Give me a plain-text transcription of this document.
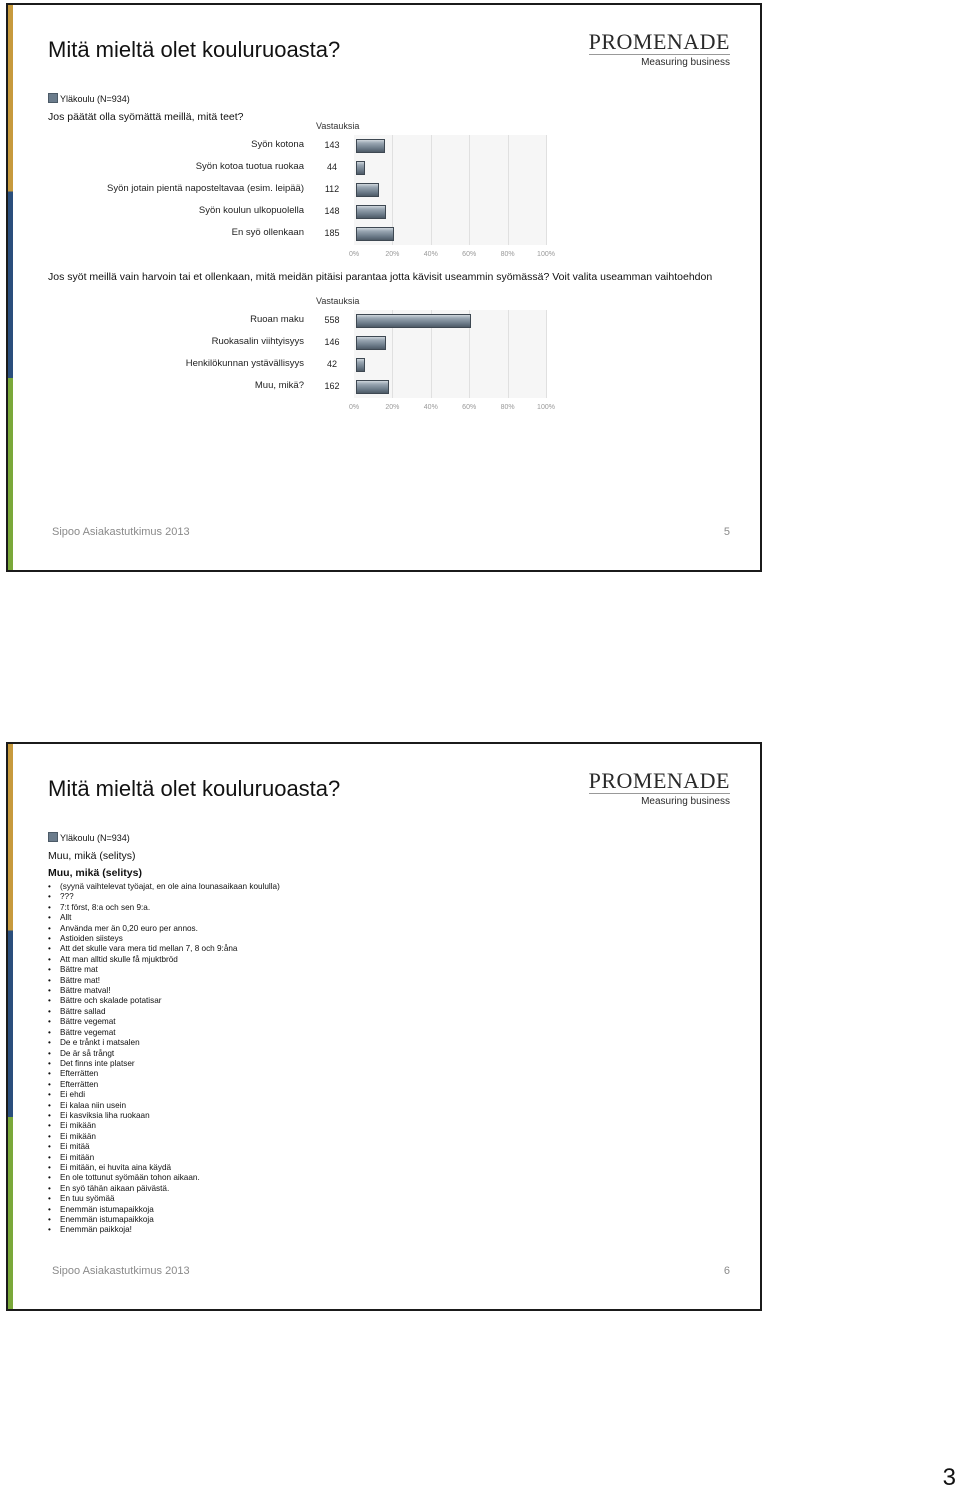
Mitä mieltä olet kouluruoasta?	PROMENADE
Measuring business
Yläkoulu (N=934)
Jos päätät olla syömättä meillä, mitä teet?
Jos syöt meillä vain harvoin tai et ollenkaan, mitä meidän pitäisi parantaa jotta kävisit useammin syömässä? Voit valita useamman vaihtoehdon
Vastauksia
Syön kotona	143
Syön kotoa tuotua ruokaa	44
Syön jotain pientä naposteltavaa (esim. leipää)	112
Syön koulun ulkopuolella	148
En syö ollenkaan	185
0%	20%	40%	60%	80%	100%
Vastauksia
Ruoan maku	558
Ruokasalin viihtyisyys	146
Henkilökunnan ystävällisyys	42
Muu, mikä?	162
0%	20%	40%	60%	80%	100%
Sipoo Asiakastutkimus 2013	5
Mitä mieltä olet kouluruoasta?	PROMENADE
Measuring business
Yläkoulu (N=934)
Muu, mikä (selitys)
Muu, mikä (selitys)
• (syynä vaihtelevat työajat, en ole aina lounasaikaan koululla)
• ???
• 7:t först, 8:a och sen 9:a.
• Allt
• Använda mer än 0,20 euro per annos.
• Astioiden siisteys
• Att det skulle vara mera tid mellan 7, 8 och 9:åna
• Att man alltid skulle få mjuktbröd
• Bättre mat
• Bättre mat!
• Bättre matval!
• Bättre och skalade potatisar
• Bättre sallad
• Bättre vegemat
• Bättre vegemat
• De e trånkt i matsalen
• De är så trångt
• Det finns inte platser
• Efterrätten
• Efterrätten
• Ei ehdi
• Ei kalaa niin usein
• Ei kasviksia liha ruokaan
• Ei mikään
• Ei mikään
• Ei mitää
• Ei mitään
• Ei mitään, ei huvita aina käydä
• En ole tottunut syömään tohon aikaan.
• En syö tähän aikaan päivästä.
• En tuu syömää
• Enemmän istumapaikkoja
• Enemmän istumapaikkoja
• Enemmän paikkoja!
Sipoo Asiakastutkimus 2013	6
3
